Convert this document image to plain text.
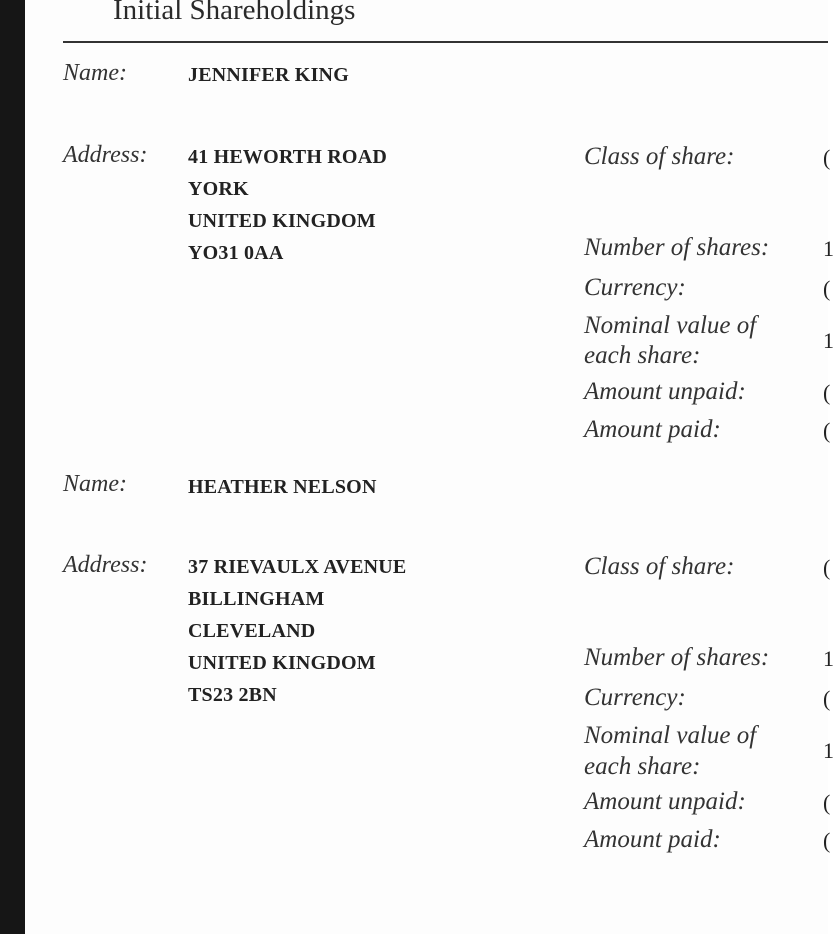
Initial Shareholdings
Name:	JENNIFER KING
Address: 41 HEWORTH ROAD
YORK
UNITED KINGDOM
YO31 0AA
Class of share:	(
Number of shares: 1
Currency:	(
Nominal value of
each share:
1
Amount unpaid:	(
Amount paid:	(
Name:	HEATHER NELSON
Address: 37 RIEVAULX AVENUE
BILLINGHAM
CLEVELAND
UNITED KINGDOM
TS23 2BN
Class of share:	(
Number of shares: 1
Currency:	(
Nominal value of
each share:
1
Amount unpaid:	(
Amount paid:	(
